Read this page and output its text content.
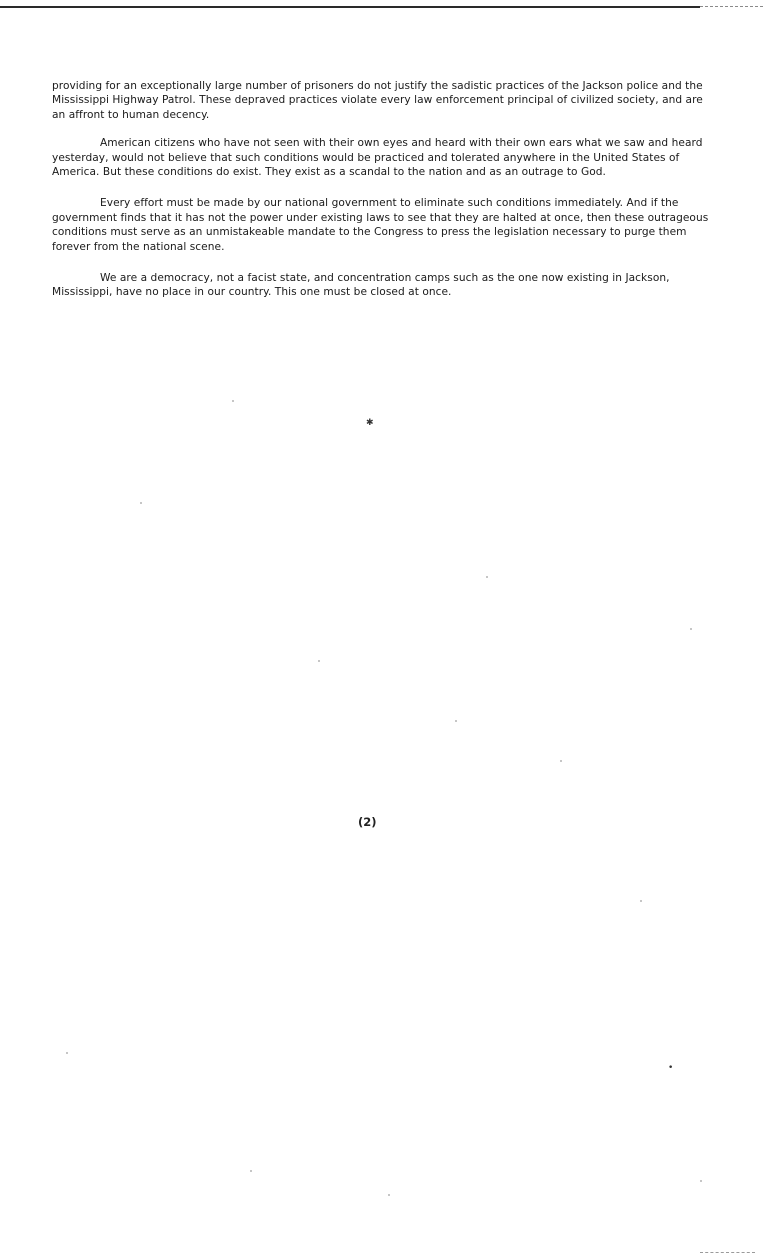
providing for an exceptionally large number of prisoners do not justify the sadistic practices of the Jackson police and the Mississippi Highway Patrol. These depraved practices violate every law enforcement principal of civilized society, and are an affront to human decency.

American citizens who have not seen with their own eyes and heard with their own ears what we saw and heard yesterday, would not believe that such conditions would be practiced and tolerated anywhere in the United States of America. But these conditions do exist. They exist as a scandal to the nation and as an outrage to God.

Every effort must be made by our national government to eliminate such conditions immediately. And if the government finds that it has not the power under existing laws to see that they are halted at once, then these outrageous conditions must serve as an unmistakeable mandate to the Congress to press the legislation necessary to purge them forever from the national scene.

We are a democracy, not a facist state, and concentration camps such as the one now existing in Jackson, Mississippi, have no place in our country. This one must be closed at once.

✱
•
(2)
